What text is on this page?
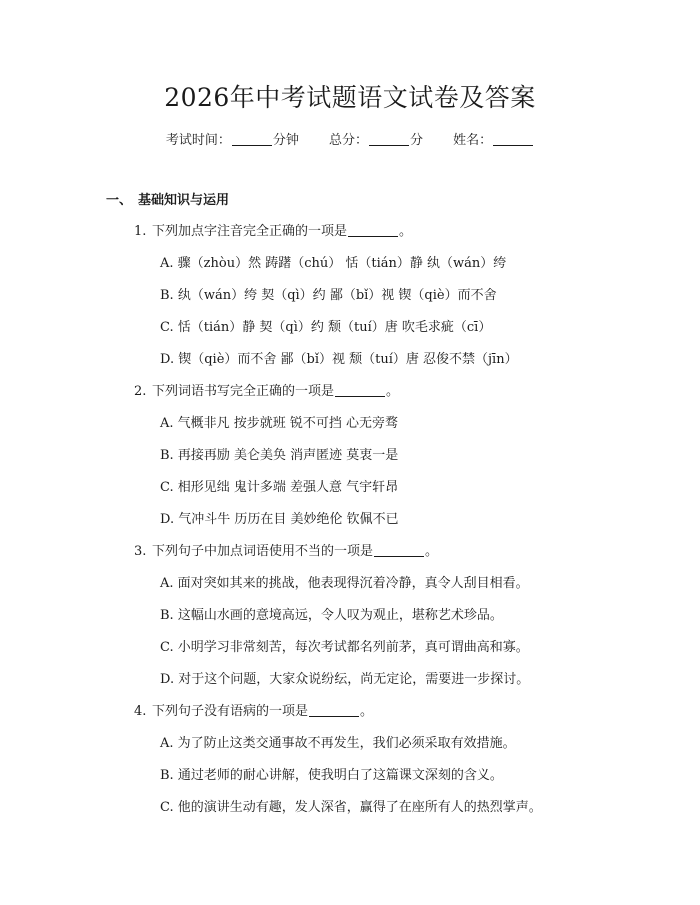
2026年中考试题语文试卷及答案
考试时间：	分钟 总分：	分 姓名：
一、 基础知识与运用
1. 下列加点字注音完全正确的一项是	。
A. 骤（zhòu）然 踌躇（chú） 恬（tián）静 纨（wán）绔
B. 纨（wán）绔 契（qì）约 鄙（bǐ）视 锲（qiè）而不舍
C. 恬（tián）静 契（qì）约 颓（tuí）唐 吹毛求疵（cī）
D. 锲（qiè）而不舍 鄙（bǐ）视 颓（tuí）唐 忍俊不禁（jīn）
2. 下列词语书写完全正确的一项是	。
A. 气概非凡 按步就班 锐不可挡 心无旁骛
B. 再接再励 美仑美奂 消声匿迹 莫衷一是
C. 相形见绌 鬼计多端 差强人意 气宇轩昂
D. 气冲斗牛 历历在目 美妙绝伦 钦佩不已
3. 下列句子中加点词语使用不当的一项是	。
A. 面对突如其来的挑战，他表现得沉着冷静，真令人刮目相看。
B. 这幅山水画的意境高远，令人叹为观止，堪称艺术珍品。
C. 小明学习非常刻苦，每次考试都名列前茅，真可谓曲高和寡。
D. 对于这个问题，大家众说纷纭，尚无定论，需要进一步探讨。
4. 下列句子没有语病的一项是	。
A. 为了防止这类交通事故不再发生，我们必须采取有效措施。
B. 通过老师的耐心讲解，使我明白了这篇课文深刻的含义。
C. 他的演讲生动有趣，发人深省，赢得了在座所有人的热烈掌声。
